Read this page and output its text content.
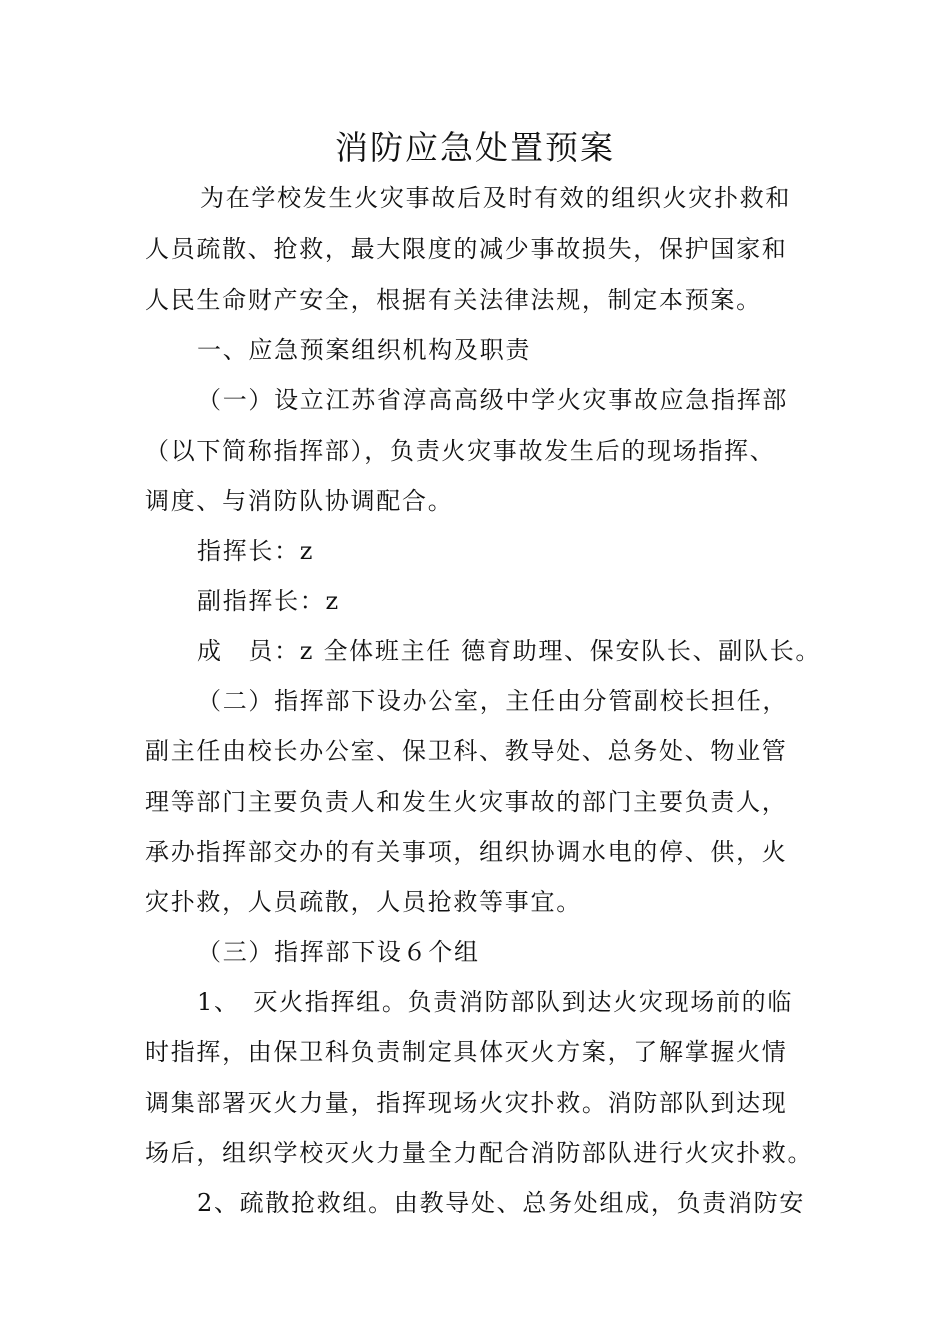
消防应急处置预案
为在学校发生火灾事故后及时有效的组织火灾扑救和
人员疏散、抢救，最大限度的减少事故损失，保护国家和
人民生命财产安全，根据有关法律法规，制定本预案。
一、应急预案组织机构及职责
（一）设立江苏省淳高高级中学火灾事故应急指挥部
（以下简称指挥部），负责火灾事故发生后的现场指挥、
调度、与消防队协调配合。
指挥长：z
副指挥长：z
成　员：z 全体班主任 德育助理、保安队长、副队长。
（二）指挥部下设办公室，主任由分管副校长担任，
副主任由校长办公室、保卫科、教导处、总务处、物业管
理等部门主要负责人和发生火灾事故的部门主要负责人，
承办指挥部交办的有关事项，组织协调水电的停、供，火
灾扑救，人员疏散，人员抢救等事宜。
（三）指挥部下设６个组
1、　灭火指挥组。负责消防部队到达火灾现场前的临
时指挥，由保卫科负责制定具体灭火方案，了解掌握火情
调集部署灭火力量，指挥现场火灾扑救。消防部队到达现
场后，组织学校灭火力量全力配合消防部队进行火灾扑救。
2、疏散抢救组。由教导处、总务处组成，负责消防安
